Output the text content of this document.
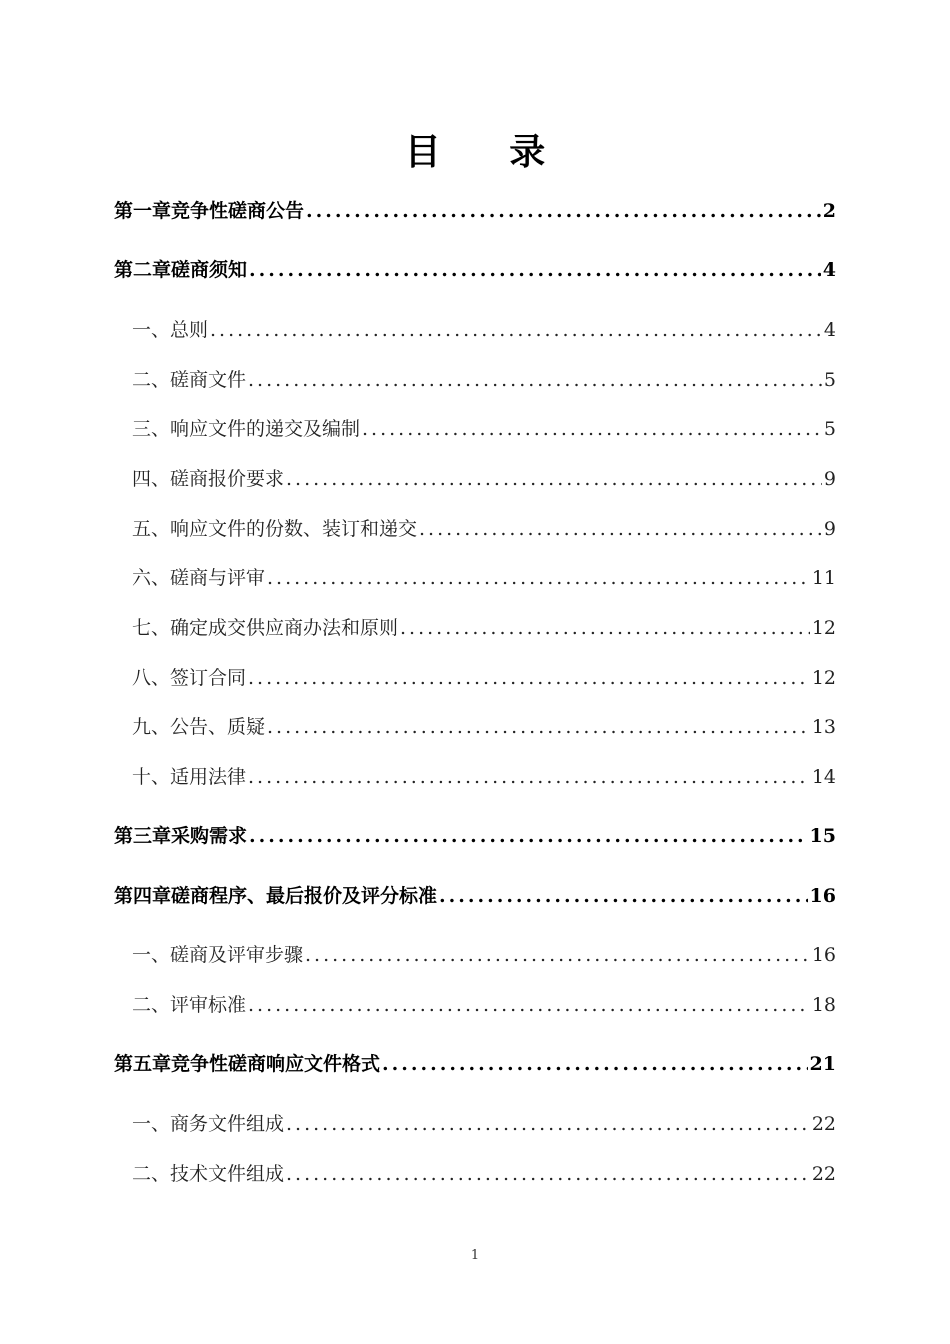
目 录
第一章竞争性磋商公告 .....	2
第二章磋商须知 .....	4
一、总则 .....	4
二、磋商文件 .....	5
三、响应文件的递交及编制 .....	5
四、磋商报价要求 .....	9
五、响应文件的份数、装订和递交 .....	9
六、磋商与评审 .....	11
七、确定成交供应商办法和原则 .....	12
八、签订合同 .....	12
九、公告、质疑 .....	13
十、适用法律 .....	14
第三章采购需求 .....	15
第四章磋商程序、最后报价及评分标准 .....	16
一、磋商及评审步骤 .....	16
二、评审标准 .....	18
第五章竞争性磋商响应文件格式 .....	21
一、商务文件组成 .....	22
二、技术文件组成 .....	22
1
